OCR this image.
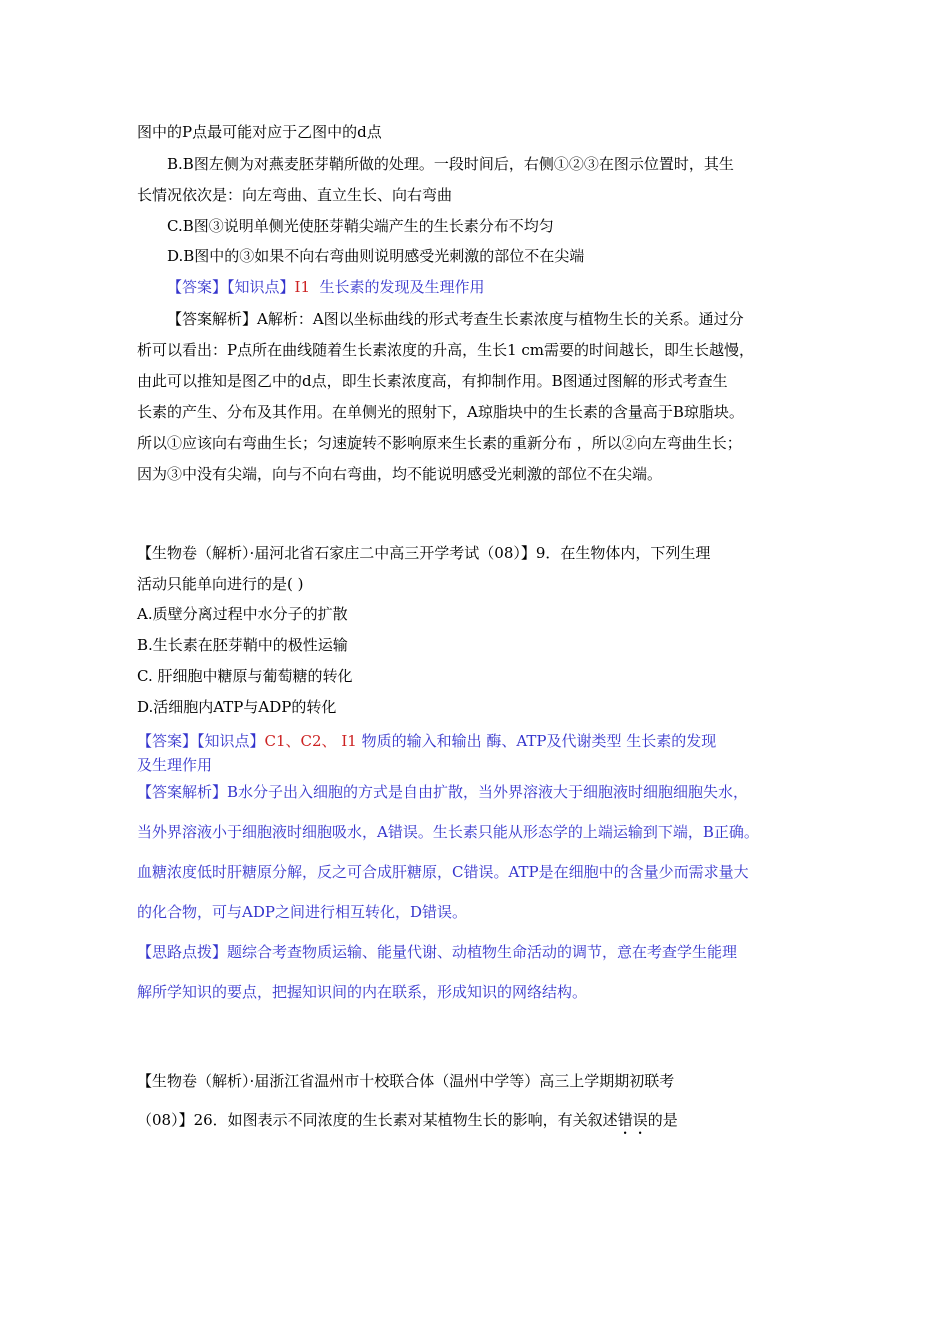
图中的P点最可能对应于乙图中的d点
B.B图左侧为对燕麦胚芽鞘所做的处理。一段时间后，右侧①②③在图示位置时，其生
长情况依次是：向左弯曲、直立生长、向右弯曲
C.B图③说明单侧光使胚芽鞘尖端产生的生长素分布不均匀
D.B图中的③如果不向右弯曲则说明感受光刺激的部位不在尖端
【答案】【知识点】I1 生长素的发现及生理作用
【答案解析】A解析：A图以坐标曲线的形式考查生长素浓度与植物生长的关系。通过分
析可以看出：P点所在曲线随着生长素浓度的升高，生长1 cm需要的时间越长，即生长越慢，
由此可以推知是图乙中的d点，即生长素浓度高，有抑制作用。B图通过图解的形式考查生
长素的产生、分布及其作用。在单侧光的照射下，A琼脂块中的生长素的含量高于B琼脂块。
所以①应该向右弯曲生长；匀速旋转不影响原来生长素的重新分布 ，所以②向左弯曲生长；
因为③中没有尖端，向与不向右弯曲，均不能说明感受光刺激的部位不在尖端。
【生物卷（解析）·届河北省石家庄二中高三开学考试（08）】9．在生物体内，下列生理
活动只能单向进行的是( )
A.质壁分离过程中水分子的扩散
B.生长素在胚芽鞘中的极性运输
C. 肝细胞中糖原与葡萄糖的转化
D.活细胞内ATP与ADP的转化
【答案】【知识点】C1、C2、 I1 物质的输入和输出 酶、ATP及代谢类型 生长素的发现
及生理作用
【答案解析】B水分子出入细胞的方式是自由扩散，当外界溶液大于细胞液时细胞细胞失水，
当外界溶液小于细胞液时细胞吸水，A错误。生长素只能从形态学的上端运输到下端，B正确。
血糖浓度低时肝糖原分解，反之可合成肝糖原，C错误。ATP是在细胞中的含量少而需求量大
的化合物，可与ADP之间进行相互转化，D错误。
【思路点拨】题综合考查物质运输、能量代谢、动植物生命活动的调节，意在考查学生能理
解所学知识的要点，把握知识间的内在联系，形成知识的网络结构。
【生物卷（解析）·届浙江省温州市十校联合体（温州中学等）高三上学期期初联考
（08）】26．如图表示不同浓度的生长素对某植物生长的影响，有关叙述错误的是
